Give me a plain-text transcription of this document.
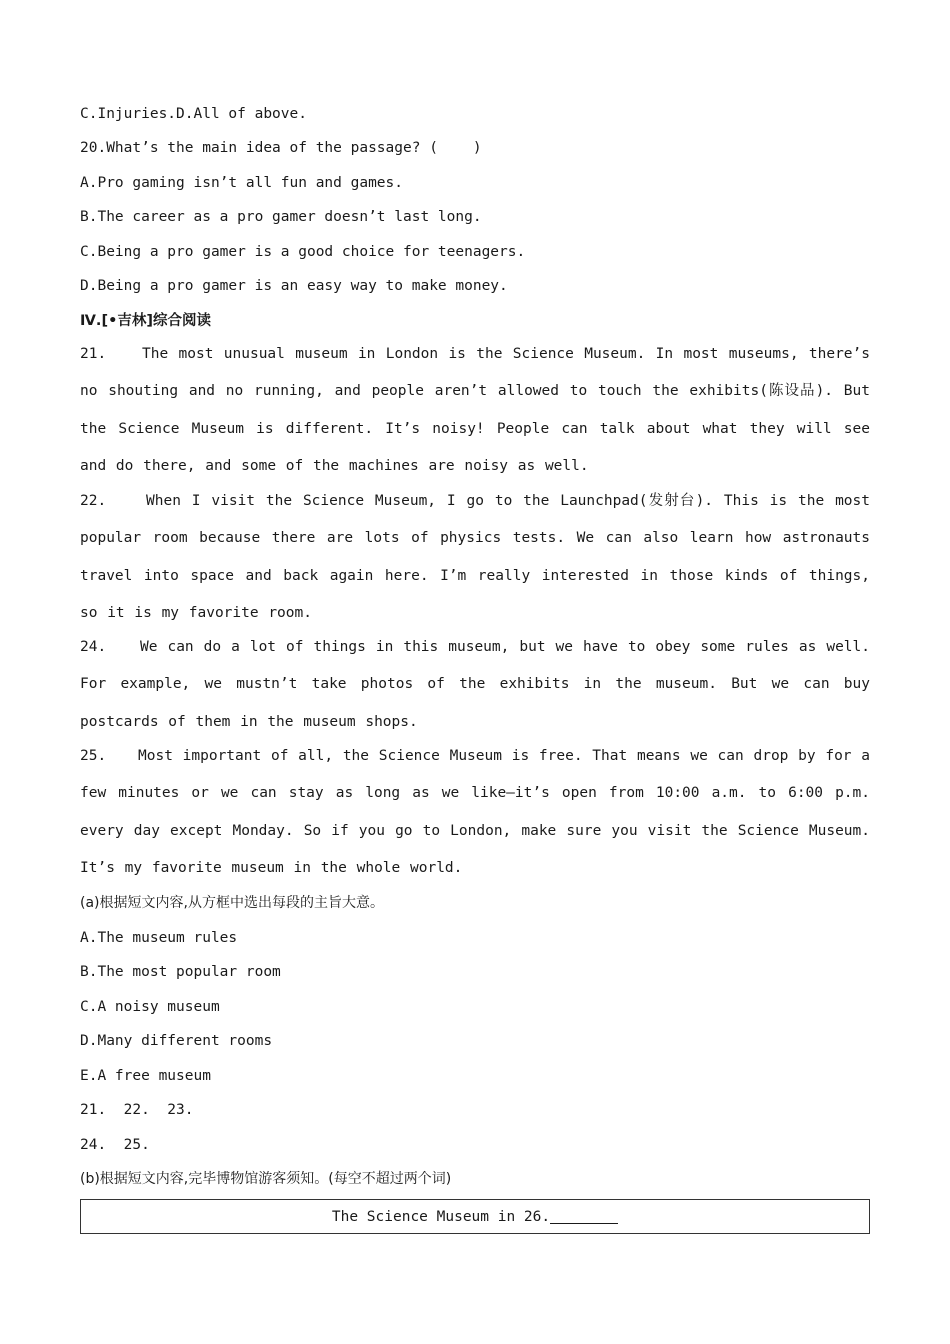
C.Injuries.D.All of above.
20.What’s the main idea of the passage? (    )
A.Pro gaming isn’t all fun and games.
B.The career as a pro gamer doesn’t last long.
C.Being a pro gamer is a good choice for teenagers.
D.Being a pro gamer is an easy way to make money.
Ⅳ.[•吉林]综合阅读
21. The most unusual museum in London is the Science Museum. In most museums, there’s no shouting and no running, and people aren’t allowed to touch the exhibits(陈设品). But the Science Museum is different. It’s noisy! People can talk about what they will see and do there, and some of the machines are noisy as well.
22.	When I visit the Science Museum, I go to the Launchpad(发射台). This is the most popular room because there are lots of physics tests. We can also learn how astronauts travel into space and back again here. I’m really interested in those kinds of things, so it is my favorite room.
24. We can do a lot of things in this museum, but we have to obey some rules as well. For example, we mustn’t take photos of the exhibits in the museum. But we can buy postcards of them in the museum shops.
25. Most important of all, the Science Museum is free. That means we can drop by for a few minutes or we can stay as long as we like—it’s open from 10:00 a.m. to 6:00 p.m. every day except Monday. So if you go to London, make sure you visit the Science Museum. It’s my favorite museum in the whole world.
(a)根据短文内容,从方框中选出每段的主旨大意。
A.The museum rules
B.The most popular room
C.A noisy museum
D.Many different rooms
E.A free museum
21.  22.  23.
24.  25.
(b)根据短文内容,完毕博物馆游客须知。(每空不超过两个词)
The Science Museum in 26.
